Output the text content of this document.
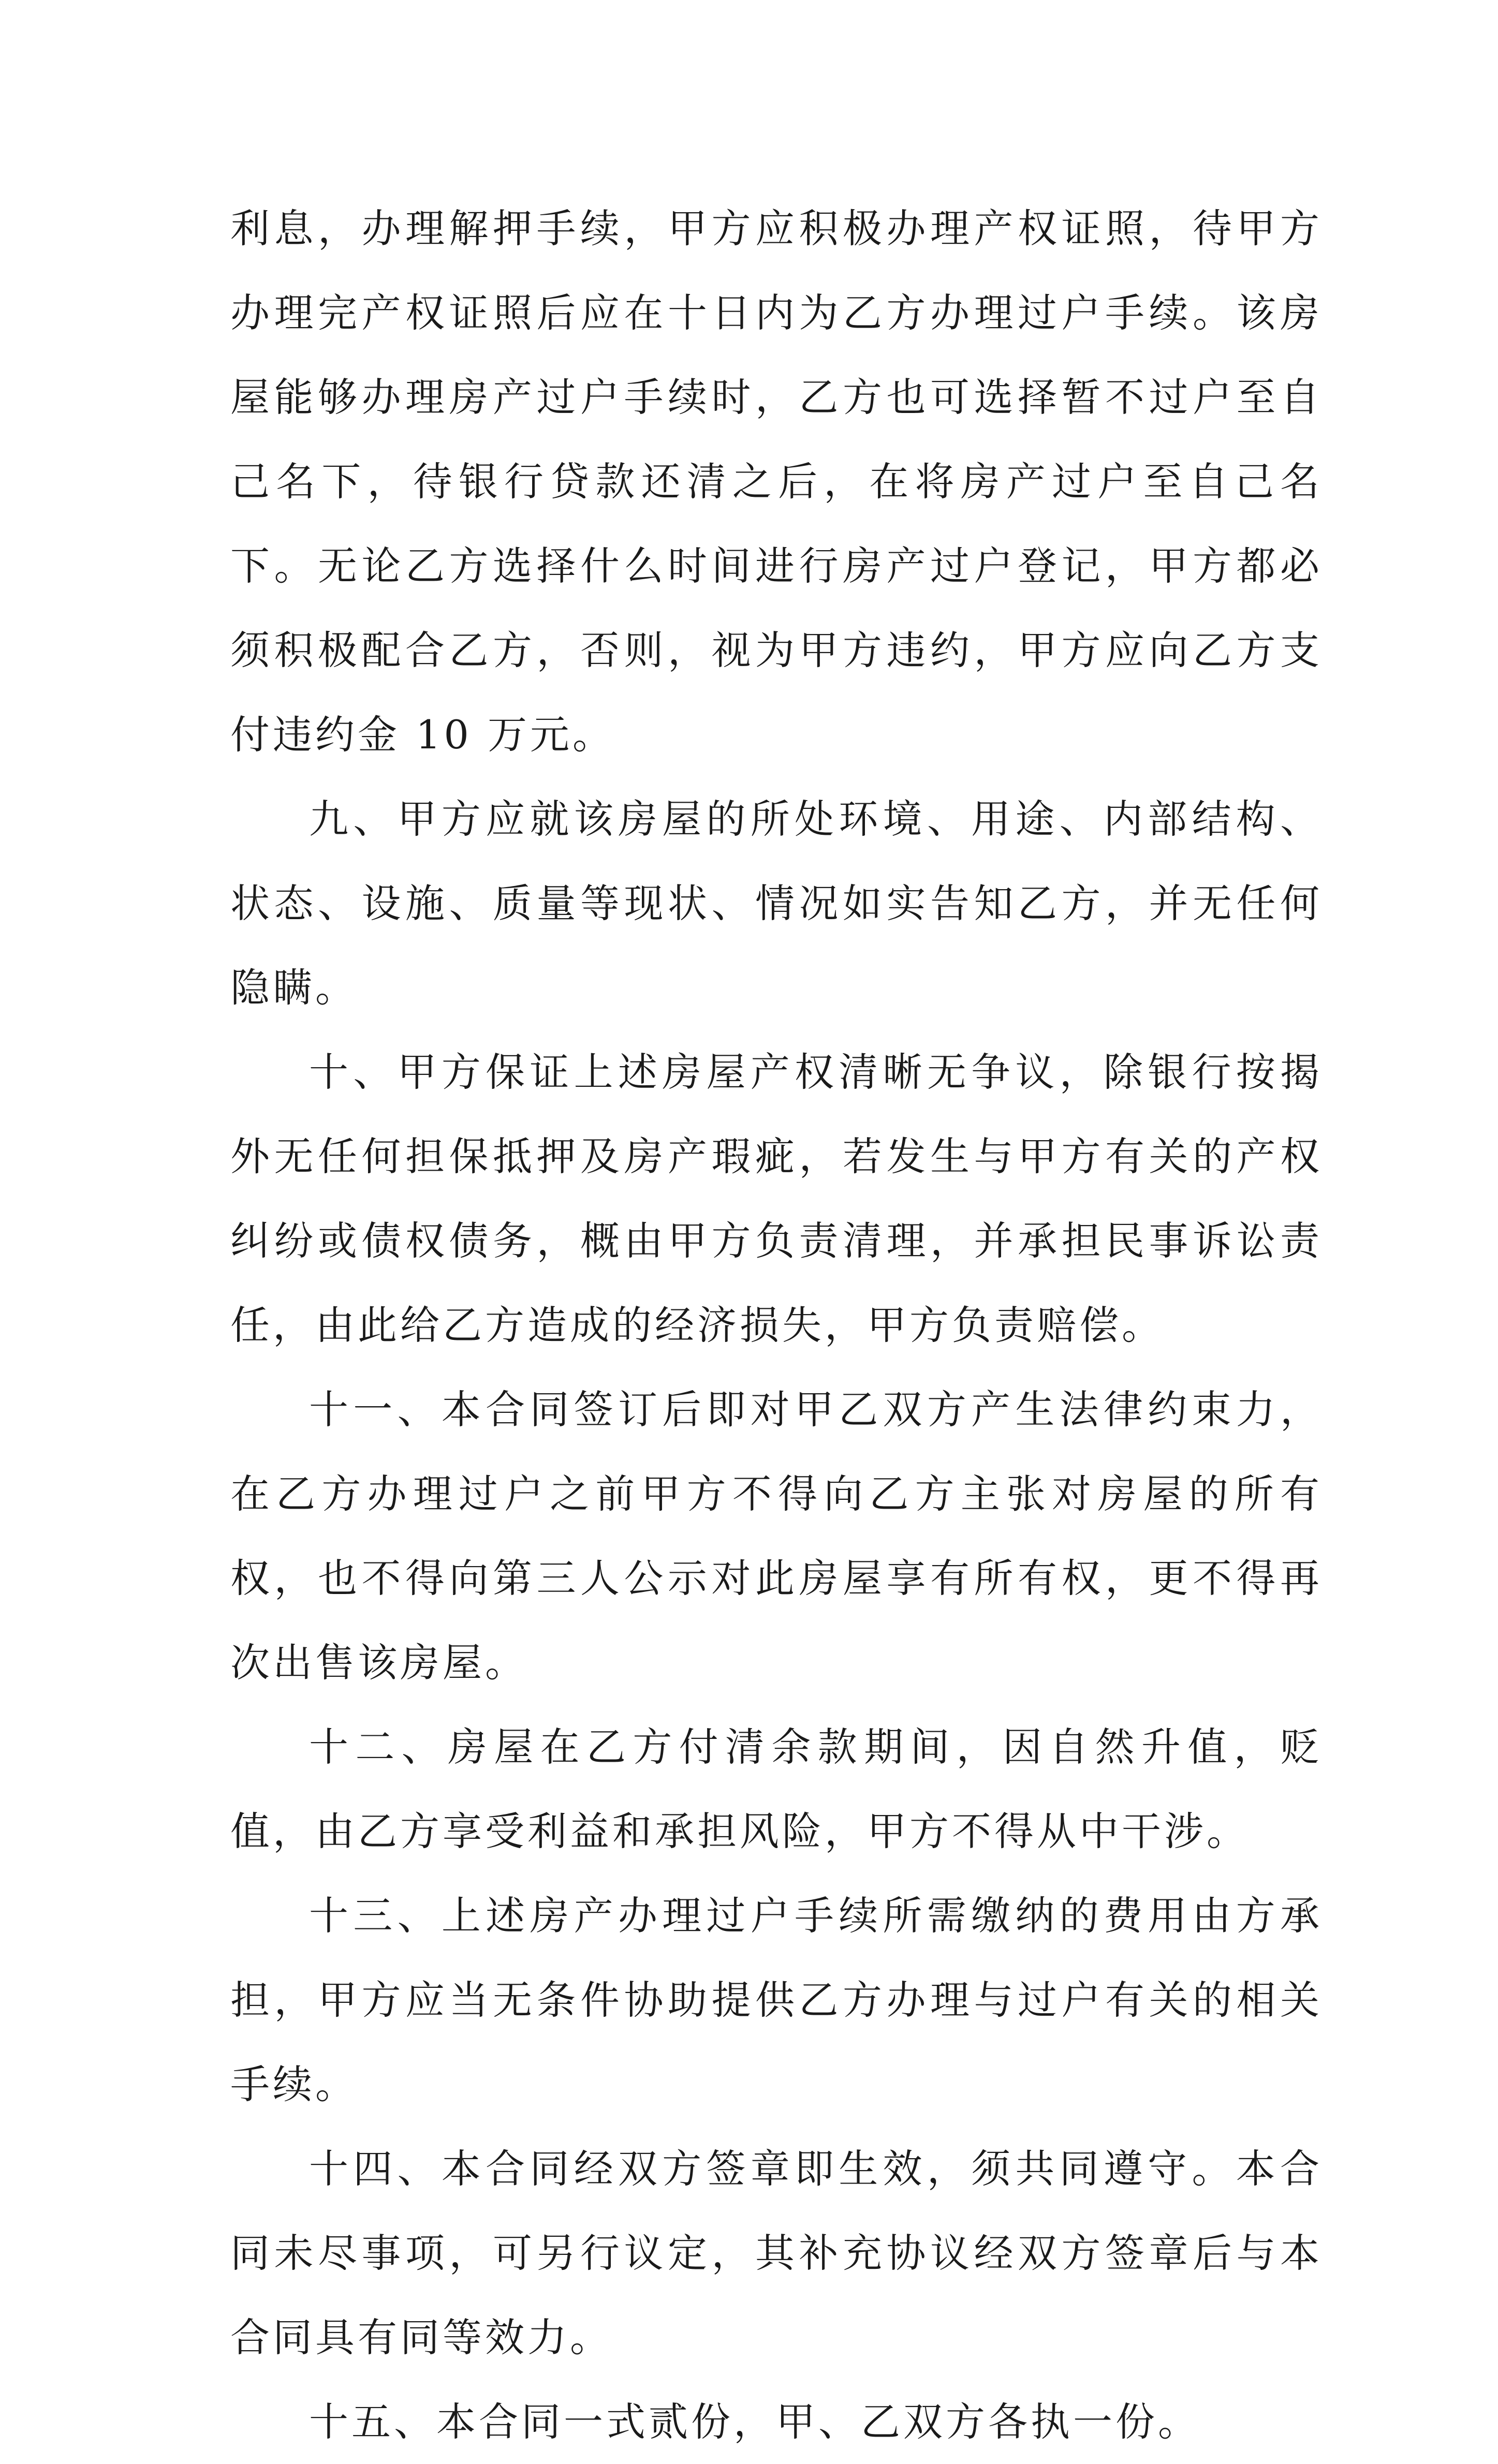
利息，办理解押手续，甲方应积极办理产权证照，待甲方办理完产权证照后应在十日内为乙方办理过户手续。该房屋能够办理房产过户手续时，乙方也可选择暂不过户至自己名下，待银行贷款还清之后，在将房产过户至自己名下。无论乙方选择什么时间进行房产过户登记，甲方都必须积极配合乙方，否则，视为甲方违约，甲方应向乙方支付违约金 10 万元。

九、甲方应就该房屋的所处环境、用途、内部结构、状态、设施、质量等现状、情况如实告知乙方，并无任何隐瞒。

十、甲方保证上述房屋产权清晰无争议，除银行按揭外无任何担保抵押及房产瑕疵，若发生与甲方有关的产权纠纷或债权债务，概由甲方负责清理，并承担民事诉讼责任，由此给乙方造成的经济损失，甲方负责赔偿。

十一、本合同签订后即对甲乙双方产生法律约束力，在乙方办理过户之前甲方不得向乙方主张对房屋的所有权，也不得向第三人公示对此房屋享有所有权，更不得再次出售该房屋。

十二、房屋在乙方付清余款期间，因自然升值，贬值，由乙方享受利益和承担风险，甲方不得从中干涉。

十三、上述房产办理过户手续所需缴纳的费用由方承担，甲方应当无条件协助提供乙方办理与过户有关的相关手续。

十四、本合同经双方签章即生效，须共同遵守。本合同未尽事项，可另行议定，其补充协议经双方签章后与本合同具有同等效力。

十五、本合同一式贰份，甲、乙双方各执一份。
